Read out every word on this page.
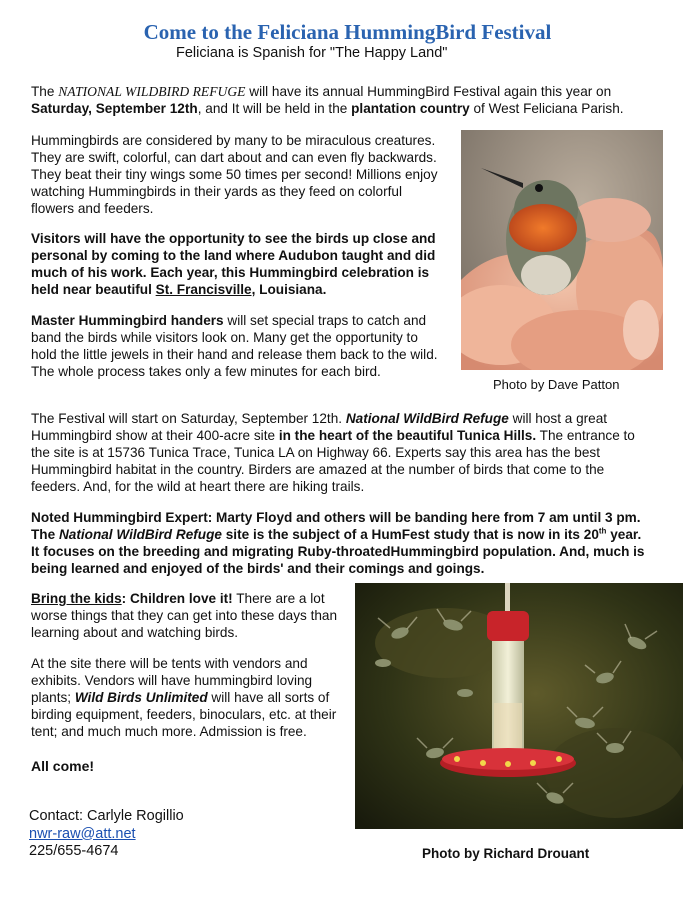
Come to the Feliciana HummingBird Festival
Feliciana is Spanish for "The Happy Land"
The NATIONAL WILDBIRD REFUGE will have its annual HummingBird Festival again this year on
Saturday, September 12th, and It will be held in the plantation country of West Feliciana Parish.
Hummingbirds are considered by many to be miraculous creatures.
They are swift, colorful, can dart about and can even fly backwards.
They beat their tiny wings some 50 times per second! Millions enjoy
watching Hummingbirds in their yards as they feed on colorful
flowers and feeders.
Visitors will have the opportunity to see the birds up close and
personal by coming to the land where Audubon taught and did
much of his work. Each year, this Hummingbird celebration is
held near beautiful St. Francisville, Louisiana.
Master Hummingbird handers will set special traps to catch and
band the birds while visitors look on. Many get the opportunity to
hold the little jewels in their hand and release them back to the wild.
The whole process takes only a few minutes for each bird.
Photo by Dave Patton
The Festival will start on Saturday, September 12th. National WildBird Refuge will host a great
Hummingbird show at their 400-acre site in the heart of the beautiful Tunica Hills. The entrance to
the site is at 15736 Tunica Trace, Tunica LA on Highway 66. Experts say this area has the best
Hummingbird habitat in the country. Birders are amazed at the number of birds that come to the
feeders. And, for the wild at heart there are hiking trails.
Noted Hummingbird Expert: Marty Floyd and others will be banding here from 7 am until 3 pm.
The National WildBird Refuge site is the subject of a HumFest study that is now in its 20th year.
It focuses on the breeding and migrating Ruby-throatedHummingbird population. And, much is
being learned and enjoyed of the birds' and their comings and goings.
Bring the kids: Children love it! There are a lot
worse things that they can get into these days than
learning about and watching birds.
At the site there will be tents with vendors and
exhibits. Vendors will have hummingbird loving
plants; Wild Birds Unlimited will have all sorts of
birding equipment, feeders, binoculars, etc. at their
tent; and much much more. Admission is free.
All come!
Contact: Carlyle Rogillio
nwr-raw@att.net
225/655-4674	Photo by Richard Drouant
